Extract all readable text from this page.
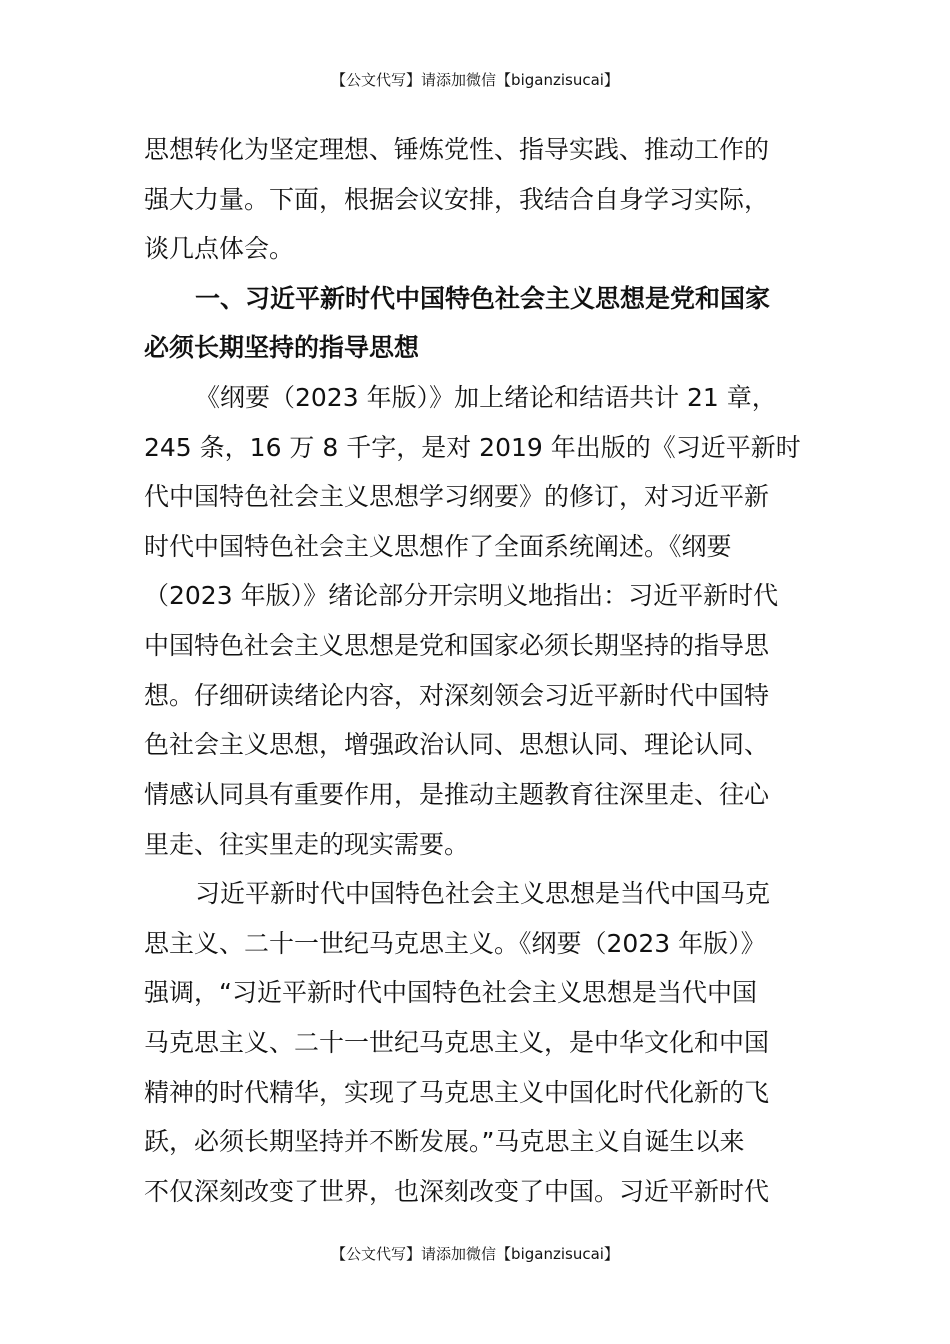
【公文代写】请添加微信【biganzisucai】
思想转化为坚定理想、锤炼党性、指导实践、推动工作的
强大力量。下面，根据会议安排，我结合自身学习实际，
谈几点体会。
一、习近平新时代中国特色社会主义思想是党和国家
必须长期坚持的指导思想
《纲要（2023 年版）》加上绪论和结语共计 21 章，
245 条，16 万 8 千字，是对 2019 年出版的《习近平新时
代中国特色社会主义思想学习纲要》的修订，对习近平新
时代中国特色社会主义思想作了全面系统阐述。《纲要
（2023 年版）》绪论部分开宗明义地指出：习近平新时代
中国特色社会主义思想是党和国家必须长期坚持的指导思
想。仔细研读绪论内容，对深刻领会习近平新时代中国特
色社会主义思想，增强政治认同、思想认同、理论认同、
情感认同具有重要作用，是推动主题教育往深里走、往心
里走、往实里走的现实需要。
习近平新时代中国特色社会主义思想是当代中国马克
思主义、二十一世纪马克思主义。《纲要（2023 年版）》
强调，“习近平新时代中国特色社会主义思想是当代中国
马克思主义、二十一世纪马克思主义，是中华文化和中国
精神的时代精华，实现了马克思主义中国化时代化新的飞
跃，必须长期坚持并不断发展。”马克思主义自诞生以来
不仅深刻改变了世界，也深刻改变了中国。习近平新时代
【公文代写】请添加微信【biganzisucai】
